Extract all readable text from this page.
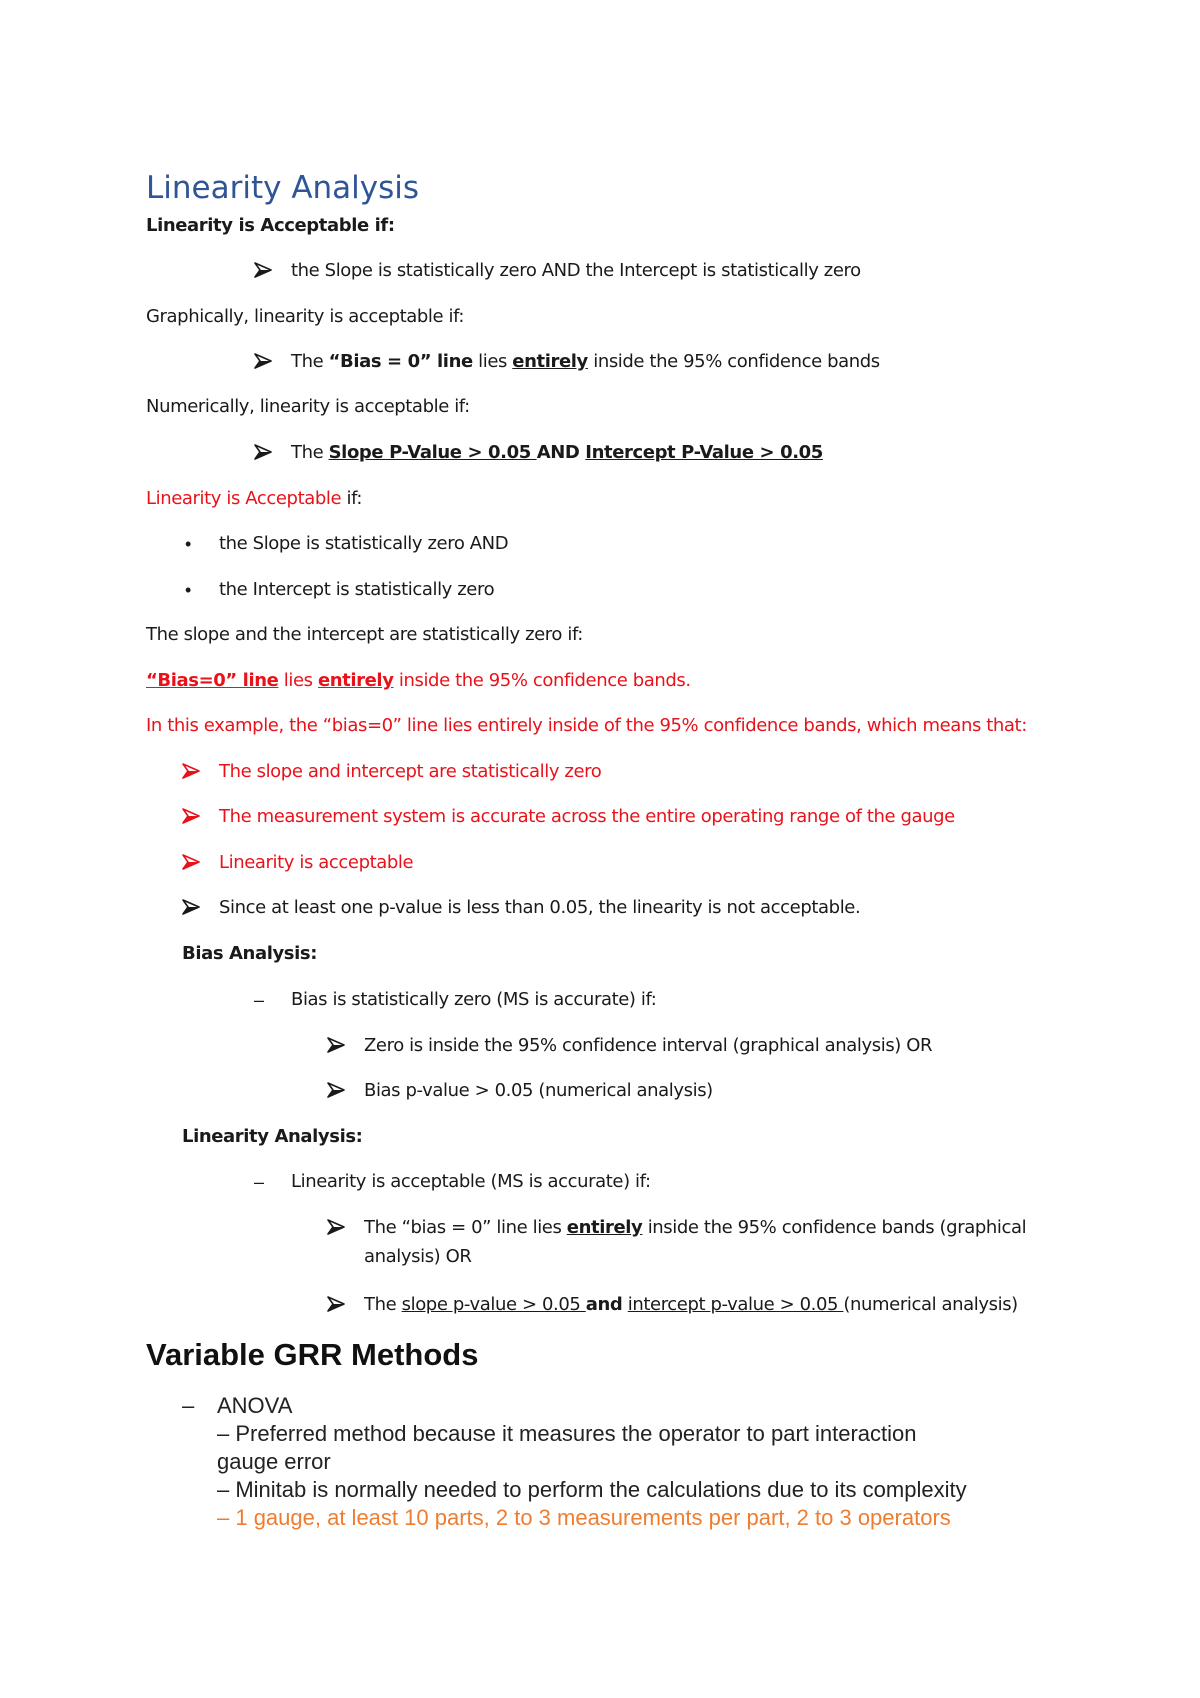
Linearity Analysis
Linearity is Acceptable if:
the Slope is statistically zero AND the Intercept is statistically zero
Graphically, linearity is acceptable if:
The “Bias = 0” line lies entirely inside the 95% confidence bands
Numerically, linearity is acceptable if:
The Slope P-Value > 0.05 AND Intercept P-Value > 0.05
Linearity is Acceptable if:
• the Slope is statistically zero AND
• the Intercept is statistically zero
The slope and the intercept are statistically zero if:
“Bias=0” line lies entirely inside the 95% confidence bands.
In this example, the “bias=0” line lies entirely inside of the 95% confidence bands, which means that:
The slope and intercept are statistically zero
The measurement system is accurate across the entire operating range of the gauge
Linearity is acceptable
Since at least one p-value is less than 0.05, the linearity is not acceptable.
Bias Analysis:
– Bias is statistically zero (MS is accurate) if:
Zero is inside the 95% confidence interval (graphical analysis) OR
Bias p-value > 0.05 (numerical analysis)
Linearity Analysis:
– Linearity is acceptable (MS is accurate) if:
The “bias = 0” line lies entirely inside the 95% confidence bands (graphical
analysis) OR
The slope p-value > 0.05 and intercept p-value > 0.05 (numerical analysis)
Variable GRR Methods
– ANOVA
– Preferred method because it measures the operator to part interaction
gauge error
– Minitab is normally needed to perform the calculations due to its complexity
– 1 gauge, at least 10 parts, 2 to 3 measurements per part, 2 to 3 operators
